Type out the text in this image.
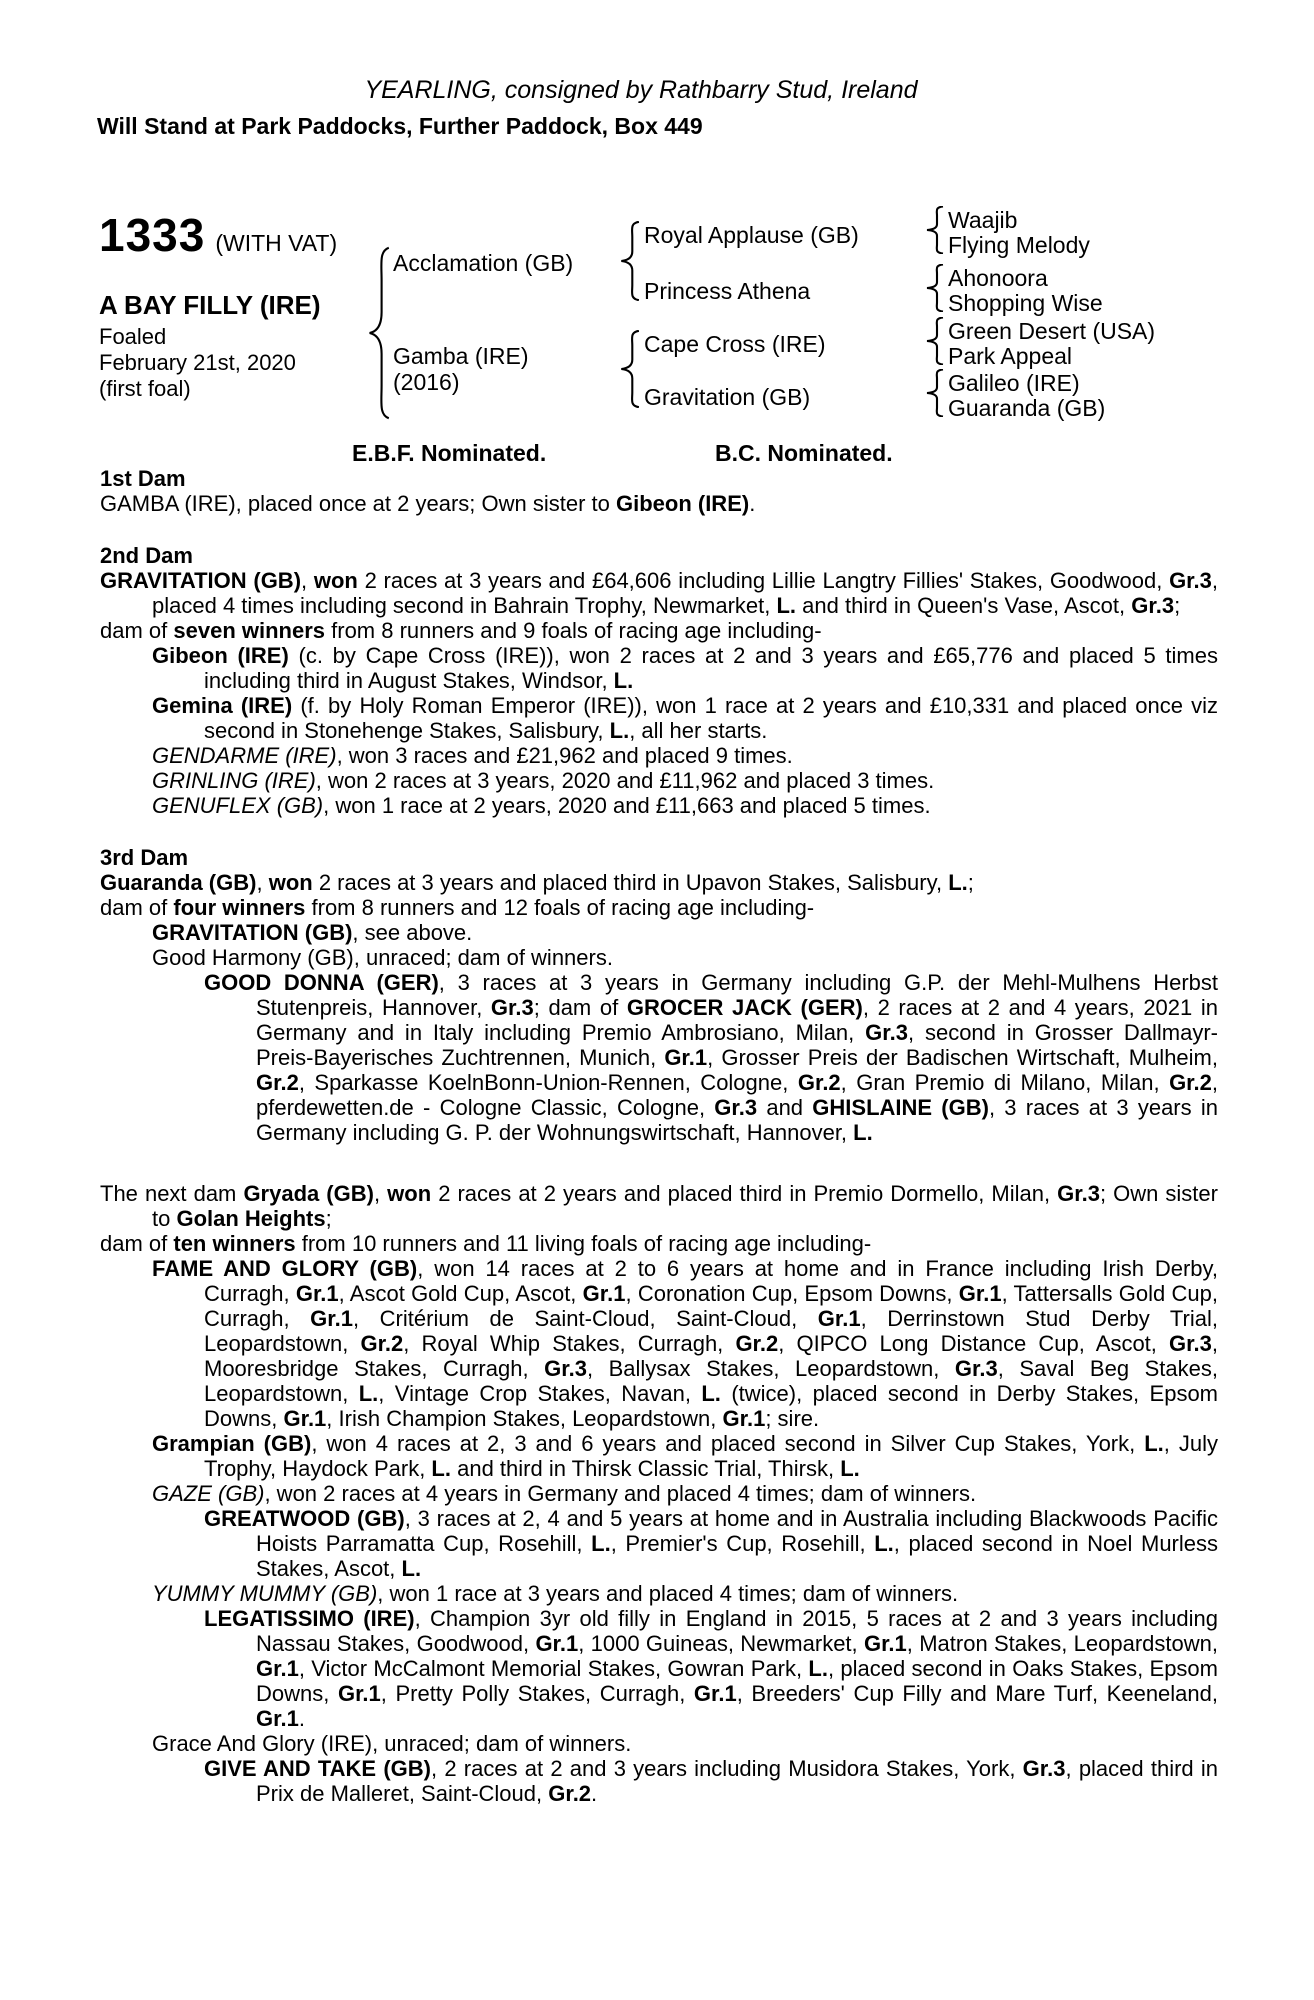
YEARLING, consigned by Rathbarry Stud, Ireland
Will Stand at Park Paddocks, Further Paddock, Box 449
1333 (WITH VAT)
A BAY FILLY (IRE)
Foaled
February 21st, 2020
(first foal)
Acclamation (GB)
Gamba (IRE)
(2016)
Royal Applause (GB)
Princess Athena
Cape Cross (IRE)
Gravitation (GB)
Waajib
Flying Melody
Ahonoora
Shopping Wise
Green Desert (USA)
Park Appeal
Galileo (IRE)
Guaranda (GB)
E.B.F. Nominated.	B.C. Nominated.
1st Dam
GAMBA (IRE), placed once at 2 years; Own sister to Gibeon (IRE).
2nd Dam
GRAVITATION (GB), won 2 races at 3 years and £64,606 including Lillie Langtry Fillies' Stakes, Goodwood, Gr.3, placed 4 times including second in Bahrain Trophy, Newmarket, L. and third in Queen's Vase, Ascot, Gr.3;
dam of seven winners from 8 runners and 9 foals of racing age including-
Gibeon (IRE) (c. by Cape Cross (IRE)), won 2 races at 2 and 3 years and £65,776 and placed 5 times including third in August Stakes, Windsor, L.
Gemina (IRE) (f. by Holy Roman Emperor (IRE)), won 1 race at 2 years and £10,331 and placed once viz second in Stonehenge Stakes, Salisbury, L., all her starts.
GENDARME (IRE), won 3 races and £21,962 and placed 9 times.
GRINLING (IRE), won 2 races at 3 years, 2020 and £11,962 and placed 3 times.
GENUFLEX (GB), won 1 race at 2 years, 2020 and £11,663 and placed 5 times.
3rd Dam
Guaranda (GB), won 2 races at 3 years and placed third in Upavon Stakes, Salisbury, L.;
dam of four winners from 8 runners and 12 foals of racing age including-
GRAVITATION (GB), see above.
Good Harmony (GB), unraced; dam of winners.
GOOD DONNA (GER), 3 races at 3 years in Germany including G.P. der Mehl-Mulhens Herbst Stutenpreis, Hannover, Gr.3; dam of GROCER JACK (GER), 2 races at 2 and 4 years, 2021 in Germany and in Italy including Premio Ambrosiano, Milan, Gr.3, second in Grosser Dallmayr-Preis-Bayerisches Zuchtrennen, Munich, Gr.1, Grosser Preis der Badischen Wirtschaft, Mulheim, Gr.2, Sparkasse KoelnBonn-Union-Rennen, Cologne, Gr.2, Gran Premio di Milano, Milan, Gr.2, pferdewetten.de - Cologne Classic, Cologne, Gr.3 and GHISLAINE (GB), 3 races at 3 years in Germany including G. P. der Wohnungswirtschaft, Hannover, L.
The next dam Gryada (GB), won 2 races at 2 years and placed third in Premio Dormello, Milan, Gr.3; Own sister to Golan Heights;
dam of ten winners from 10 runners and 11 living foals of racing age including-
FAME AND GLORY (GB), won 14 races at 2 to 6 years at home and in France including Irish Derby, Curragh, Gr.1, Ascot Gold Cup, Ascot, Gr.1, Coronation Cup, Epsom Downs, Gr.1, Tattersalls Gold Cup, Curragh, Gr.1, Critérium de Saint-Cloud, Saint-Cloud, Gr.1, Derrinstown Stud Derby Trial, Leopardstown, Gr.2, Royal Whip Stakes, Curragh, Gr.2, QIPCO Long Distance Cup, Ascot, Gr.3, Mooresbridge Stakes, Curragh, Gr.3, Ballysax Stakes, Leopardstown, Gr.3, Saval Beg Stakes, Leopardstown, L., Vintage Crop Stakes, Navan, L. (twice), placed second in Derby Stakes, Epsom Downs, Gr.1, Irish Champion Stakes, Leopardstown, Gr.1; sire.
Grampian (GB), won 4 races at 2, 3 and 6 years and placed second in Silver Cup Stakes, York, L., July Trophy, Haydock Park, L. and third in Thirsk Classic Trial, Thirsk, L.
GAZE (GB), won 2 races at 4 years in Germany and placed 4 times; dam of winners.
GREATWOOD (GB), 3 races at 2, 4 and 5 years at home and in Australia including Blackwoods Pacific Hoists Parramatta Cup, Rosehill, L., Premier's Cup, Rosehill, L., placed second in Noel Murless Stakes, Ascot, L.
YUMMY MUMMY (GB), won 1 race at 3 years and placed 4 times; dam of winners.
LEGATISSIMO (IRE), Champion 3yr old filly in England in 2015, 5 races at 2 and 3 years including Nassau Stakes, Goodwood, Gr.1, 1000 Guineas, Newmarket, Gr.1, Matron Stakes, Leopardstown, Gr.1, Victor McCalmont Memorial Stakes, Gowran Park, L., placed second in Oaks Stakes, Epsom Downs, Gr.1, Pretty Polly Stakes, Curragh, Gr.1, Breeders' Cup Filly and Mare Turf, Keeneland, Gr.1.
Grace And Glory (IRE), unraced; dam of winners.
GIVE AND TAKE (GB), 2 races at 2 and 3 years including Musidora Stakes, York, Gr.3, placed third in Prix de Malleret, Saint-Cloud, Gr.2.
